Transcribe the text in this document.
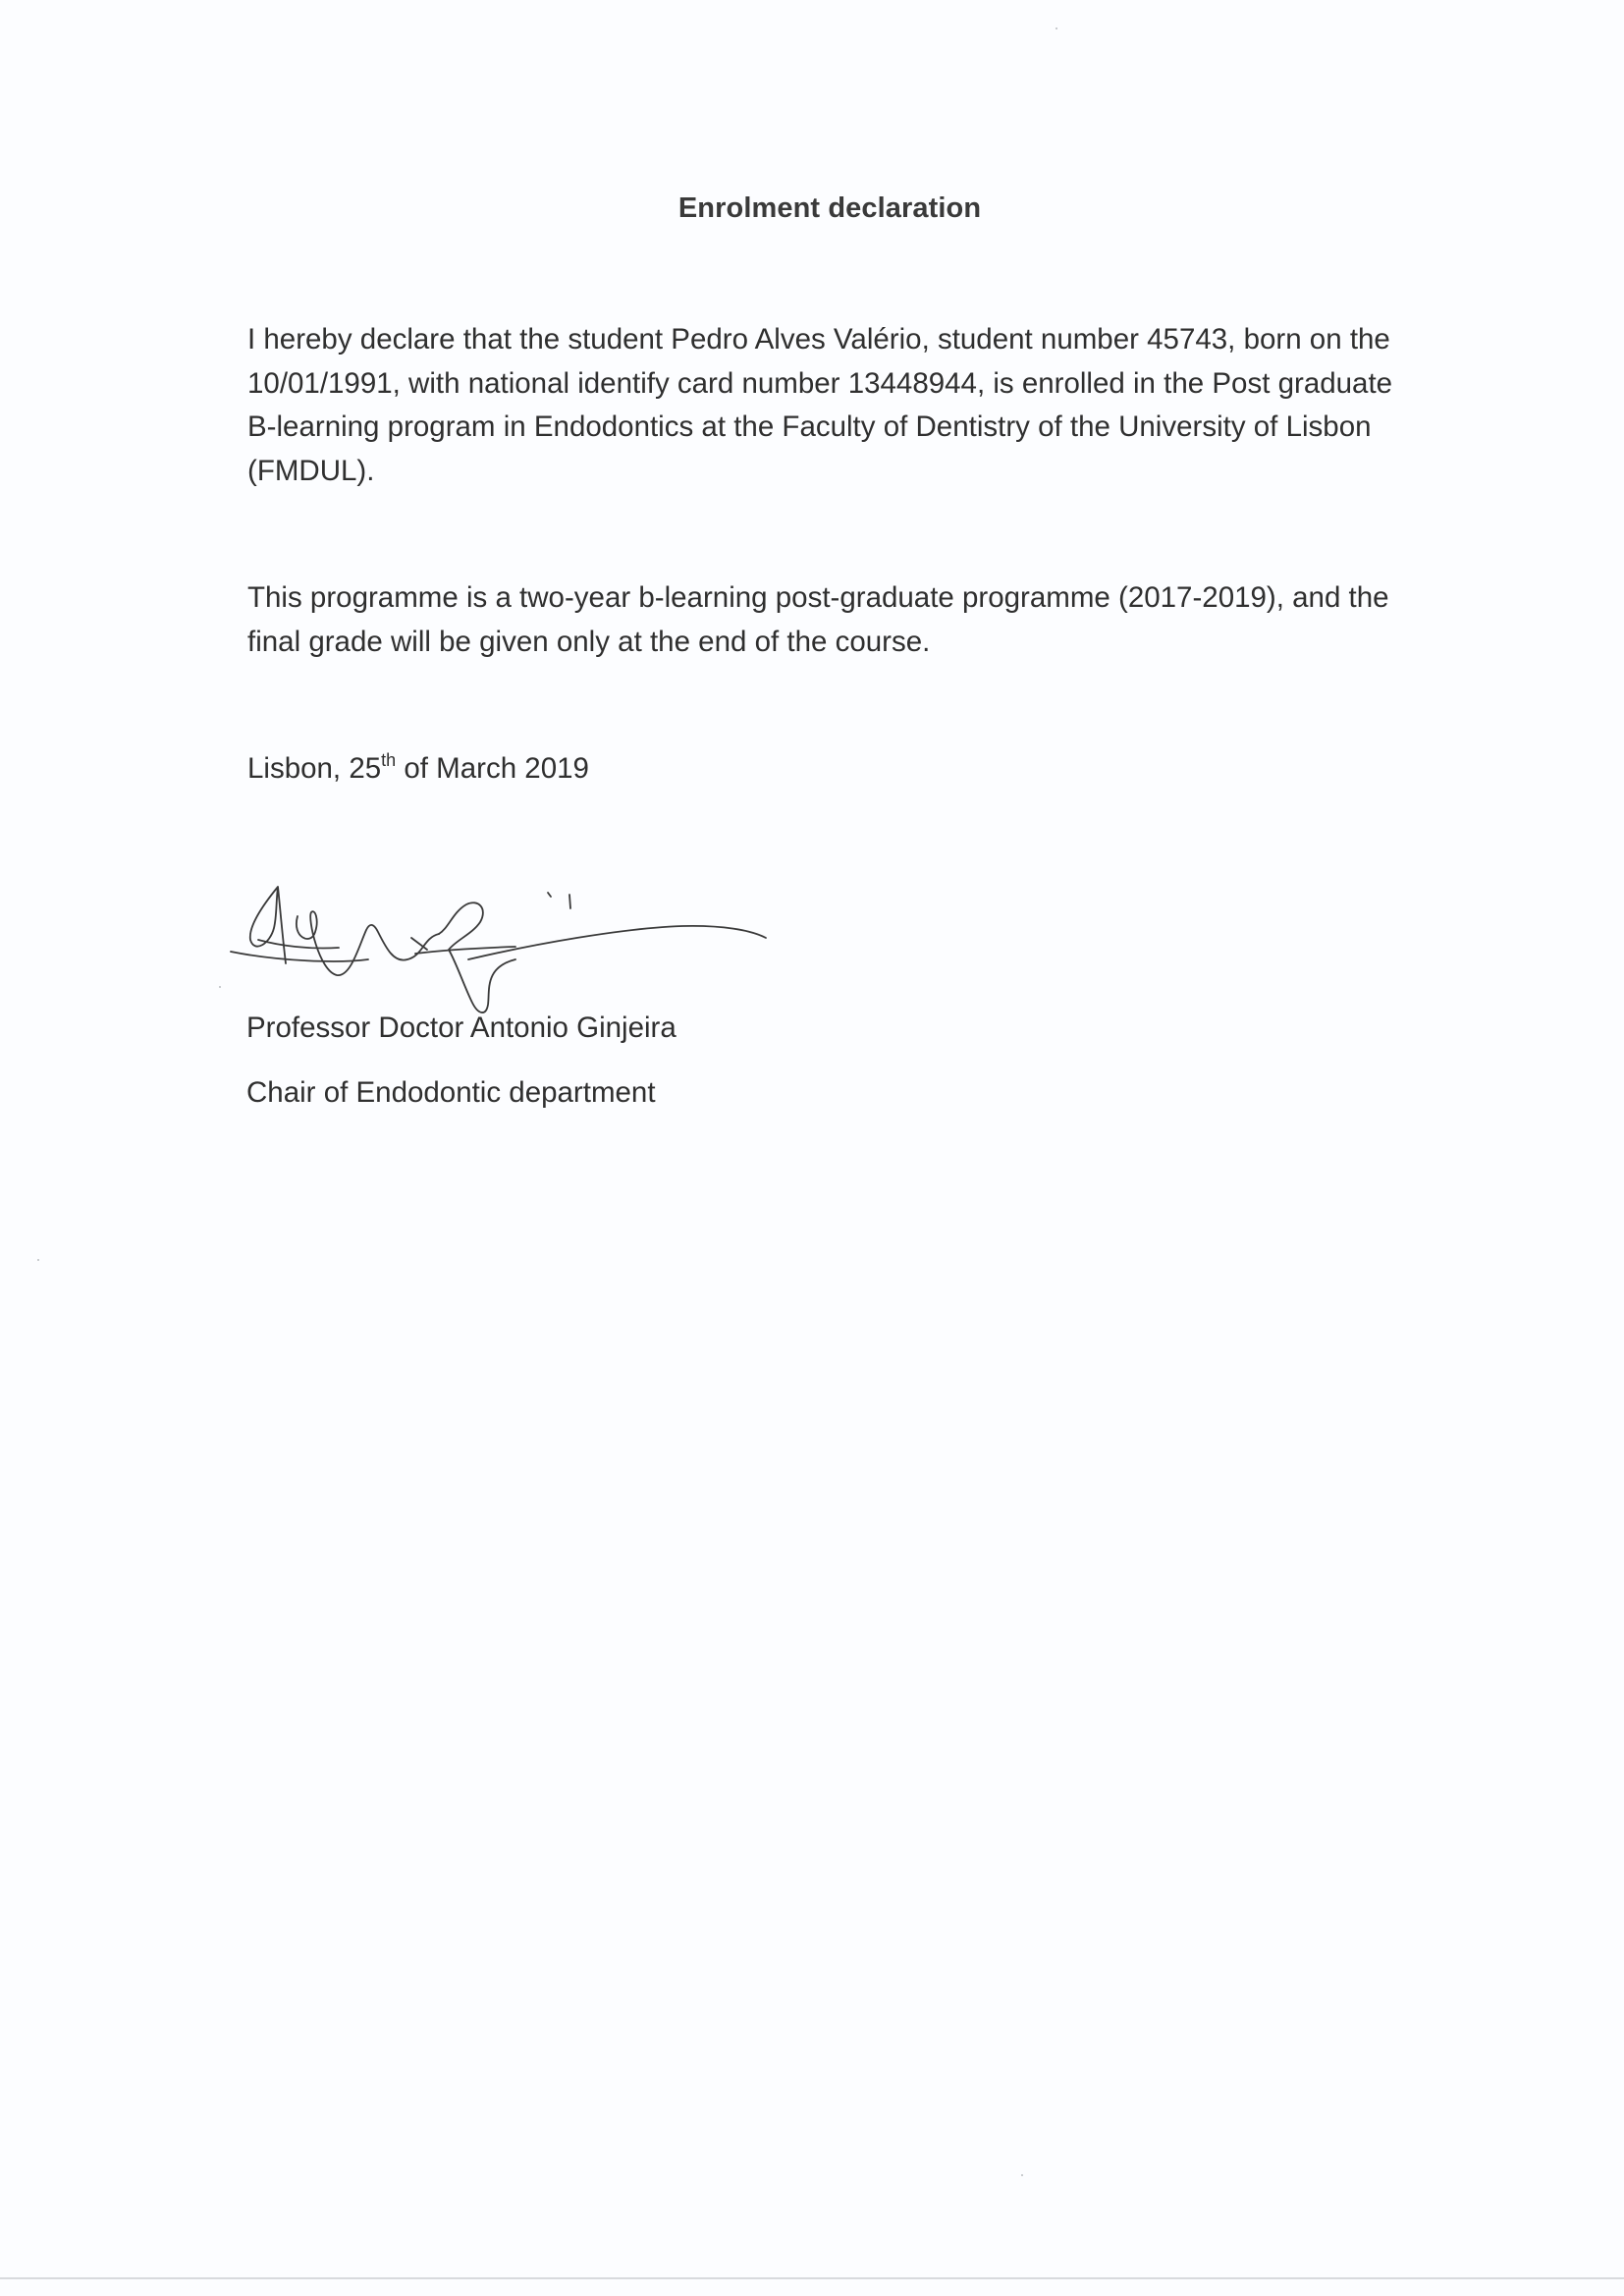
Enrolment declaration
I hereby declare that the student Pedro Alves Valério, student number 45743, born on the 10/01/1991, with national identify card number 13448944, is enrolled in the Post graduate B-learning program in Endodontics at the Faculty of Dentistry of the University of Lisbon (FMDUL).
This programme is a two-year b-learning post-graduate programme (2017-2019), and the final grade will be given only at the end of the course.
Lisbon, 25th of March 2019
Professor Doctor Antonio Ginjeira
Chair of Endodontic department
